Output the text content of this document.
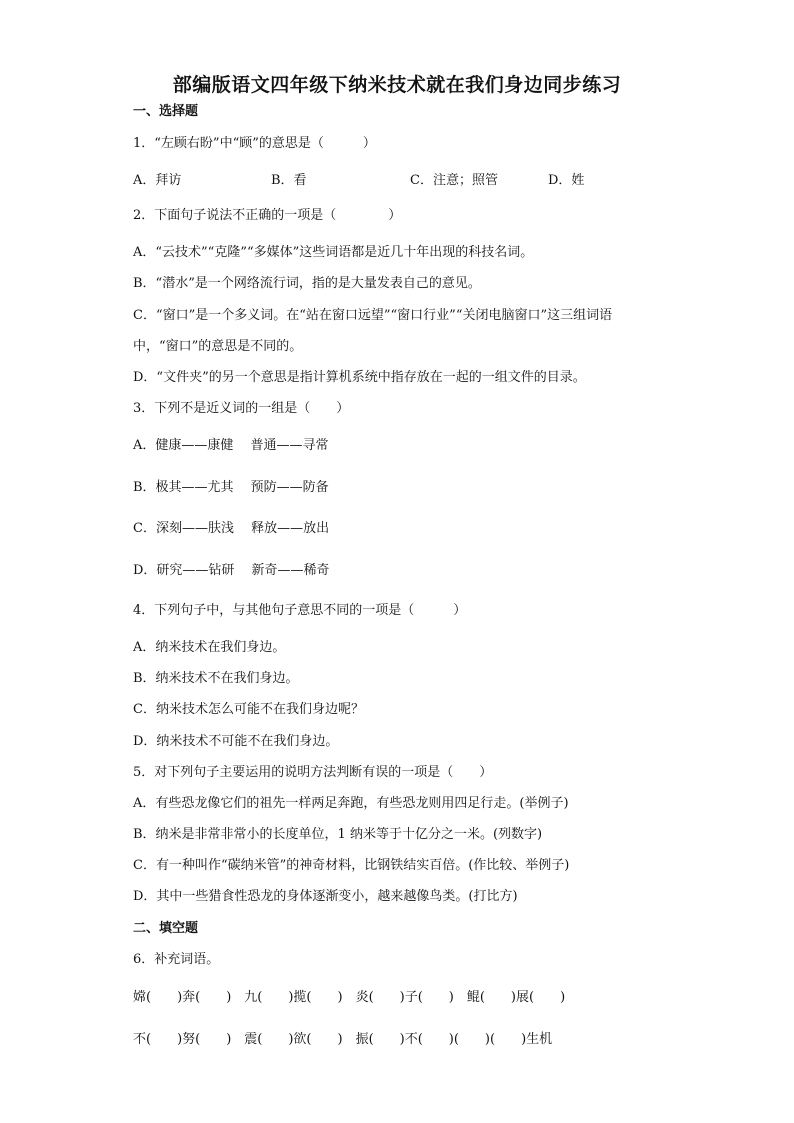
部编版语文四年级下纳米技术就在我们身边同步练习
一、选择题
1．“左顾右盼”中“顾”的意思是（　　　）
A．拜访	B．看	C．注意；照管	D．姓
2．下面句子说法不正确的一项是（　　　　）
A．“云技术”“克隆”“多媒体”这些词语都是近几十年出现的科技名词。
B．“潜水”是一个网络流行词，指的是大量发表自己的意见。
C．“窗口”是一个多义词。在“站在窗口远望”“窗口行业”“关闭电脑窗口”这三组词语
中，“窗口”的意思是不同的。
D．“文件夹”的另一个意思是指计算机系统中指存放在一起的一组文件的目录。
3．下列不是近义词的一组是（　　）
A．健康——康健　 普通——寻常
B．极其——尤其　 预防——防备
C．深刻——肤浅　 释放——放出
D．研究——钻研　 新奇——稀奇
4．下列句子中，与其他句子意思不同的一项是（　　　）
A．纳米技术在我们身边。
B．纳米技术不在我们身边。
C．纳米技术怎么可能不在我们身边呢？
D．纳米技术不可能不在我们身边。
5．对下列句子主要运用的说明方法判断有误的一项是（　　）
A．有些恐龙像它们的祖先一样两足奔跑，有些恐龙则用四足行走。(举例子)
B．纳米是非常非常小的长度单位，1 纳米等于十亿分之一米。(列数字)
C．有一种叫作“碳纳米管”的神奇材料，比钢铁结实百倍。(作比较、举例子)
D．其中一些猎食性恐龙的身体逐渐变小，越来越像鸟类。(打比方)
二、填空题
6．补充词语。
嫦(　　)奔(　　)　九(　　)揽(　　)　炎(　　)子(　　)　鲲(　　)展(　　)
不(　　)努(　　)　震(　　)欲(　　)　振(　　)不(　　)(　　)(　　)生机
